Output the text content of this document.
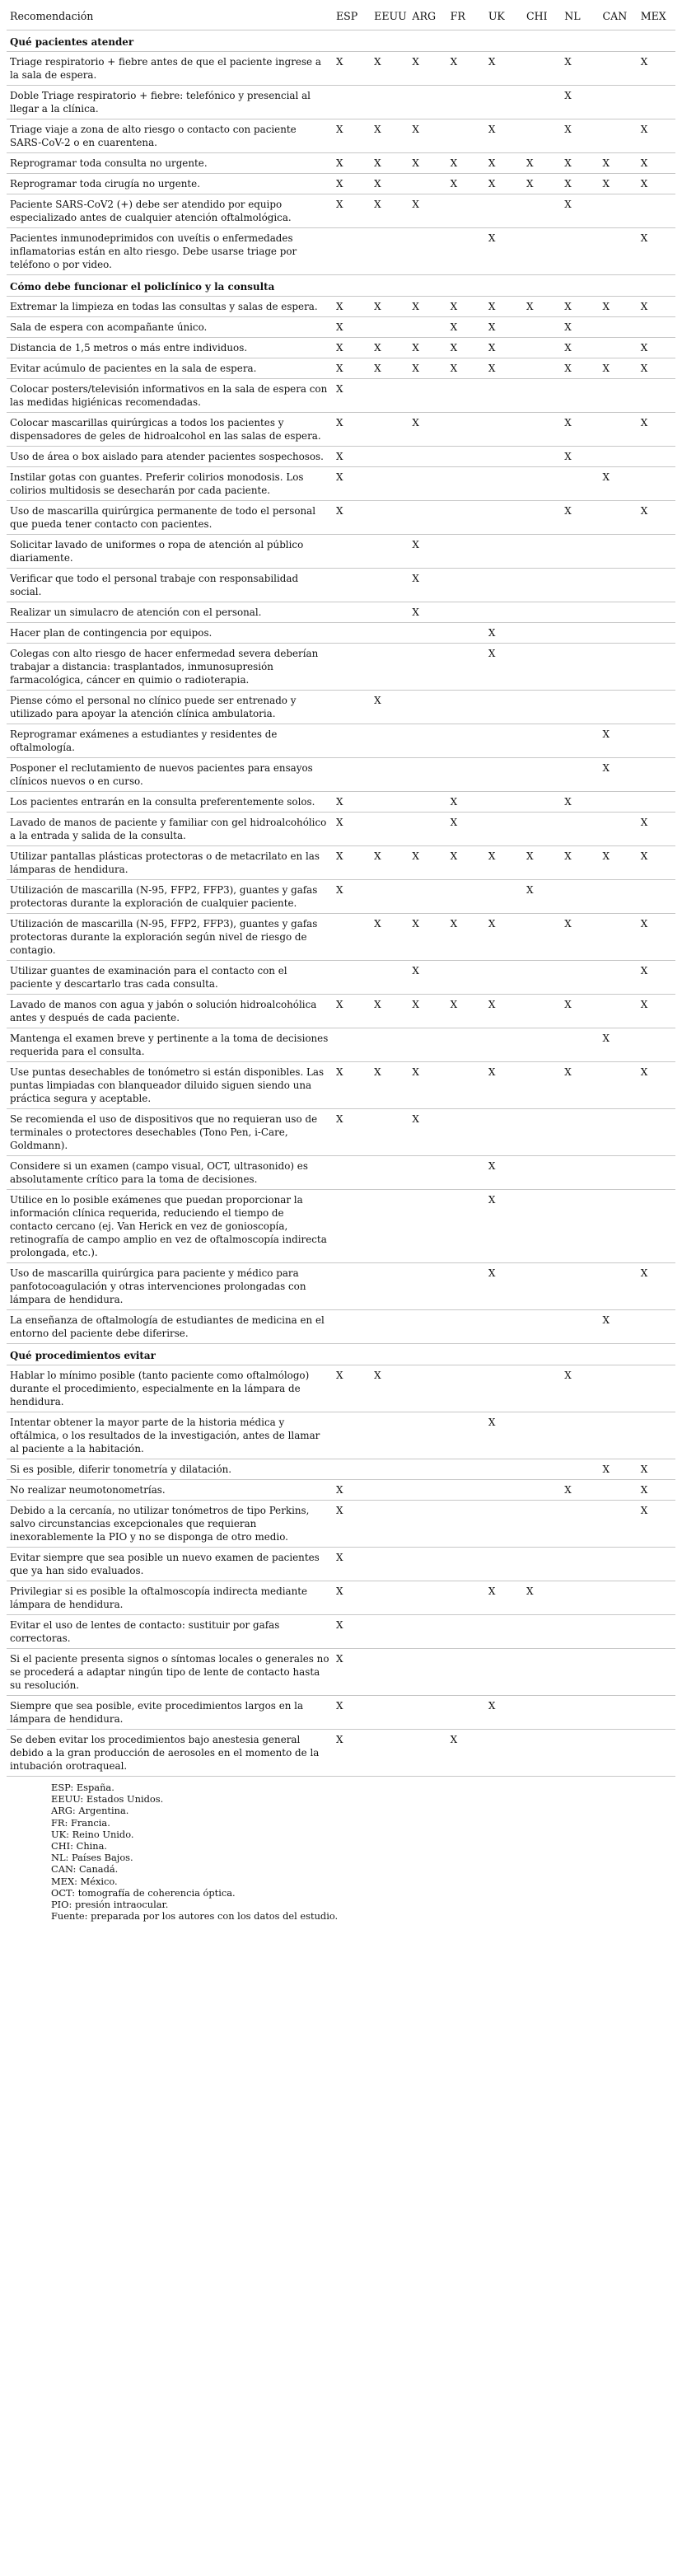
Recomendación	ESP	EEUU	ARG	FR	UK	CHI	NL	CAN	MEX
Qué pacientes atender									
Triage respiratorio + fiebre antes de que el paciente ingrese a la sala de espera.	X	X	X	X	X		X		X
Doble Triage respiratorio + fiebre: telefónico y presencial al llegar a la clínica.							X		
Triage viaje a zona de alto riesgo o contacto con paciente SARS-CoV-2 o en cuarentena.	X	X	X		X		X		X
Reprogramar toda consulta no urgente.	X	X	X	X	X	X	X	X	X
Reprogramar toda cirugía no urgente.	X	X		X	X	X	X	X	X
Paciente SARS-CoV2 (+) debe ser atendido por equipo especializado antes de cualquier atención oftalmológica.	X	X	X				X		
Pacientes inmunodeprimidos con uveítis o enfermedades inflamatorias están en alto riesgo. Debe usarse triage por teléfono o por video.					X				X
Cómo debe funcionar el policlínico y la consulta									
Extremar la limpieza en todas las consultas y salas de espera.	X	X	X	X	X	X	X	X	X
Sala de espera con acompañante único.	X			X	X		X		
Distancia de 1,5 metros o más entre individuos.	X	X	X	X	X		X		X
Evitar acúmulo de pacientes en la sala de espera.	X	X	X	X	X		X	X	X
Colocar posters/televisión informativos en la sala de espera con las medidas higiénicas recomendadas.	X								
Colocar mascarillas quirúrgicas a todos los pacientes y dispensadores de geles de hidroalcohol en las salas de espera.	X		X				X		X
Uso de área o box aislado para atender pacientes sospechosos.	X						X		
Instilar gotas con guantes. Preferir colirios monodosis. Los colirios multidosis se desecharán por cada paciente.	X							X	
Uso de mascarilla quirúrgica permanente de todo el personal que pueda tener contacto con pacientes.	X						X		X
Solicitar lavado de uniformes o ropa de atención al público diariamente.			X						
Verificar que todo el personal trabaje con responsabilidad social.			X						
Realizar un simulacro de atención con el personal.			X						
Hacer plan de contingencia por equipos.					X				
Colegas con alto riesgo de hacer enfermedad severa deberían trabajar a distancia: trasplantados, inmunosupresión farmacológica, cáncer en quimio o radioterapia.					X				
Piense cómo el personal no clínico puede ser entrenado y utilizado para apoyar la atención clínica ambulatoria.		X							
Reprogramar exámenes a estudiantes y residentes de oftalmología.								X	
Posponer el reclutamiento de nuevos pacientes para ensayos clínicos nuevos o en curso.								X	
Los pacientes entrarán en la consulta preferentemente solos.	X			X			X		
Lavado de manos de paciente y familiar con gel hidroalcohólico a la entrada y salida de la consulta.	X			X					X
Utilizar pantallas plásticas protectoras o de metacrilato en las lámparas de hendidura.	X	X	X	X	X	X	X	X	X
Utilización de mascarilla (N-95, FFP2, FFP3), guantes y gafas protectoras durante la exploración de cualquier paciente.	X					X			
Utilización de mascarilla (N-95, FFP2, FFP3), guantes y gafas protectoras durante la exploración según nivel de riesgo de contagio.		X	X	X	X		X		X
Utilizar guantes de examinación para el contacto con el paciente y descartarlo tras cada consulta.			X						X
Lavado de manos con agua y jabón o solución hidroalcohólica antes y después de cada paciente.	X	X	X	X	X		X		X
Mantenga el examen breve y pertinente a la toma de decisiones requerida para el consulta.								X	
Use puntas desechables de tonómetro si están disponibles. Las puntas limpiadas con blanqueador diluido siguen siendo una práctica segura y aceptable.	X	X	X		X		X		X
Se recomienda el uso de dispositivos que no requieran uso de terminales o protectores desechables (Tono Pen, i-Care, Goldmann).	X		X						
Considere si un examen (campo visual, OCT, ultrasonido) es absolutamente crítico para la toma de decisiones.					X				
Utilice en lo posible exámenes que puedan proporcionar la información clínica requerida, reduciendo el tiempo de contacto cercano (ej. Van Herick en vez de gonioscopía, retinografía de campo amplio en vez de oftalmoscopía indirecta prolongada, etc.).					X				
Uso de mascarilla quirúrgica para paciente y médico para panfotocoagulación y otras intervenciones prolongadas con lámpara de hendidura.					X				X
La enseñanza de oftalmología de estudiantes de medicina en el entorno del paciente debe diferirse.								X	
Qué procedimientos evitar									
Hablar lo mínimo posible (tanto paciente como oftalmólogo) durante el procedimiento, especialmente en la lámpara de hendidura.	X	X					X		
Intentar obtener la mayor parte de la historia médica y oftálmica, o los resultados de la investigación, antes de llamar al paciente a la habitación.					X				
Si es posible, diferir tonometría y dilatación.								X	X
No realizar neumotonometrías.	X						X		X
Debido a la cercanía, no utilizar tonómetros de tipo Perkins, salvo circunstancias excepcionales que requieran inexorablemente la PIO y no se disponga de otro medio.	X								X
Evitar siempre que sea posible un nuevo examen de pacientes que ya han sido evaluados.	X								
Privilegiar si es posible la oftalmoscopía indirecta mediante lámpara de hendidura.	X				X	X			
Evitar el uso de lentes de contacto: sustituir por gafas correctoras.	X								
Si el paciente presenta signos o síntomas locales o generales no se procederá a adaptar ningún tipo de lente de contacto hasta su resolución.	X								
Siempre que sea posible, evite procedimientos largos en la lámpara de hendidura.	X				X				
Se deben evitar los procedimientos bajo anestesia general debido a la gran producción de aerosoles en el momento de la intubación orotraqueal.	X			X					
ESP: España.
EEUU: Estados Unidos.
ARG: Argentina.
FR: Francia.
UK: Reino Unido.
CHI: China.
NL: Países Bajos.
CAN: Canadá.
MEX: México.
OCT: tomografía de coherencia óptica.
PIO: presión intraocular.
Fuente: preparada por los autores con los datos del estudio.
